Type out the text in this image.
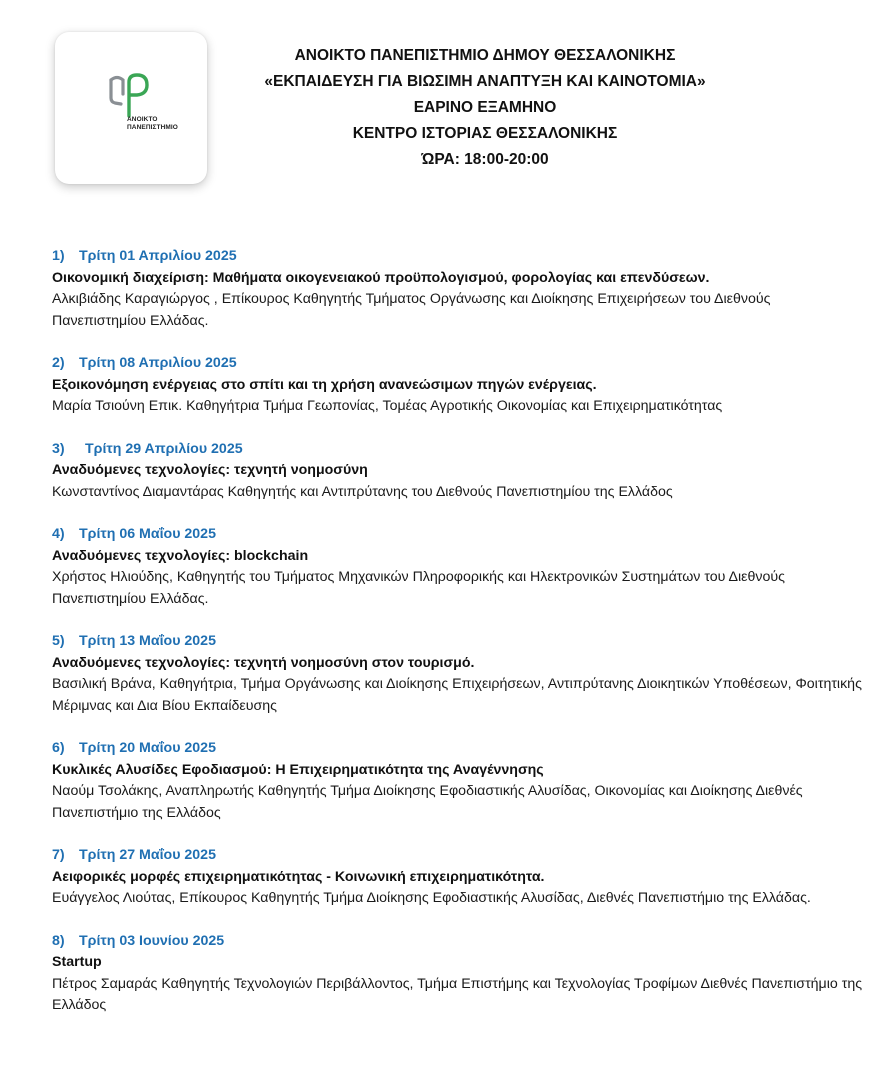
ΑΝΟΙΚΤΟ
ΠΑΝΕΠΙΣΤΗΜΙΟ
ΑΝΟΙΚΤΟ ΠΑΝΕΠΙΣΤΗΜΙΟ ΔΗΜΟΥ ΘΕΣΣΑΛΟΝΙΚΗΣ
«ΕΚΠΑΙΔΕΥΣΗ ΓΙΑ ΒΙΩΣΙΜΗ ΑΝΑΠΤΥΞΗ ΚΑΙ ΚΑΙΝΟΤΟΜΙΑ»
ΕΑΡΙΝΟ ΕΞΑΜΗΝΟ
ΚΕΝΤΡΟ ΙΣΤΟΡΙΑΣ ΘΕΣΣΑΛΟΝΙΚΗΣ
ΏΡΑ: 18:00-20:00
1) Τρίτη 01 Απριλίου 2025
Οικονομική διαχείριση: Μαθήματα οικογενειακού προϋπολογισμού, φορολογίας και επενδύσεων.
Αλκιβιάδης Καραγιώργος , Επίκουρος Καθηγητής Τμήματος Οργάνωσης και Διοίκησης Επιχειρήσεων του Διεθνούς Πανεπιστημίου Ελλάδας.
2) Τρίτη 08 Απριλίου 2025
Εξοικονόμηση ενέργειας στο σπίτι και τη χρήση ανανεώσιμων πηγών ενέργειας.
Μαρία Τσιούνη Επικ. Καθηγήτρια Τμήμα Γεωπονίας, Τομέας Αγροτικής Οικονομίας και Επιχειρηματικότητας
3) Τρίτη 29 Απριλίου 2025
Αναδυόμενες τεχνολογίες: τεχνητή νοημοσύνη
Κωνσταντίνος Διαμαντάρας Καθηγητής και Αντιπρύτανης του Διεθνούς Πανεπιστημίου της Ελλάδος
4) Τρίτη 06 Μαΐου 2025
Αναδυόμενες τεχνολογίες: blockchain
Χρήστος Ηλιούδης, Καθηγητής του Τμήματος Μηχανικών Πληροφορικής και Ηλεκτρονικών Συστημάτων του Διεθνούς Πανεπιστημίου Ελλάδας.
5) Τρίτη 13 Μαΐου 2025
Αναδυόμενες τεχνολογίες: τεχνητή νοημοσύνη στον τουρισμό.
Βασιλική Βράνα, Καθηγήτρια, Τμήμα Οργάνωσης και Διοίκησης Επιχειρήσεων, Αντιπρύτανης Διοικητικών Υποθέσεων, Φοιτητικής Μέριμνας και Δια Βίου Εκπαίδευσης
6) Τρίτη 20 Μαΐου 2025
Κυκλικές Αλυσίδες Εφοδιασμού: Η Επιχειρηματικότητα της Αναγέννησης
Ναούμ Τσολάκης, Αναπληρωτής Καθηγητής Τμήμα Διοίκησης Εφοδιαστικής Αλυσίδας, Οικονομίας και Διοίκησης Διεθνές Πανεπιστήμιο της Ελλάδος
7) Τρίτη 27 Μαΐου 2025
Αειφορικές μορφές επιχειρηματικότητας - Κοινωνική επιχειρηματικότητα.
Ευάγγελος Λιούτας, Επίκουρος Καθηγητής Τμήμα Διοίκησης Εφοδιαστικής Αλυσίδας, Διεθνές Πανεπιστήμιο της Ελλάδας.
8) Τρίτη 03 Ιουνίου 2025
Startup
Πέτρος Σαμαράς Καθηγητής Τεχνολογιών Περιβάλλοντος, Τμήμα Επιστήμης και Τεχνολογίας Τροφίμων Διεθνές Πανεπιστήμιο της Ελλάδος
